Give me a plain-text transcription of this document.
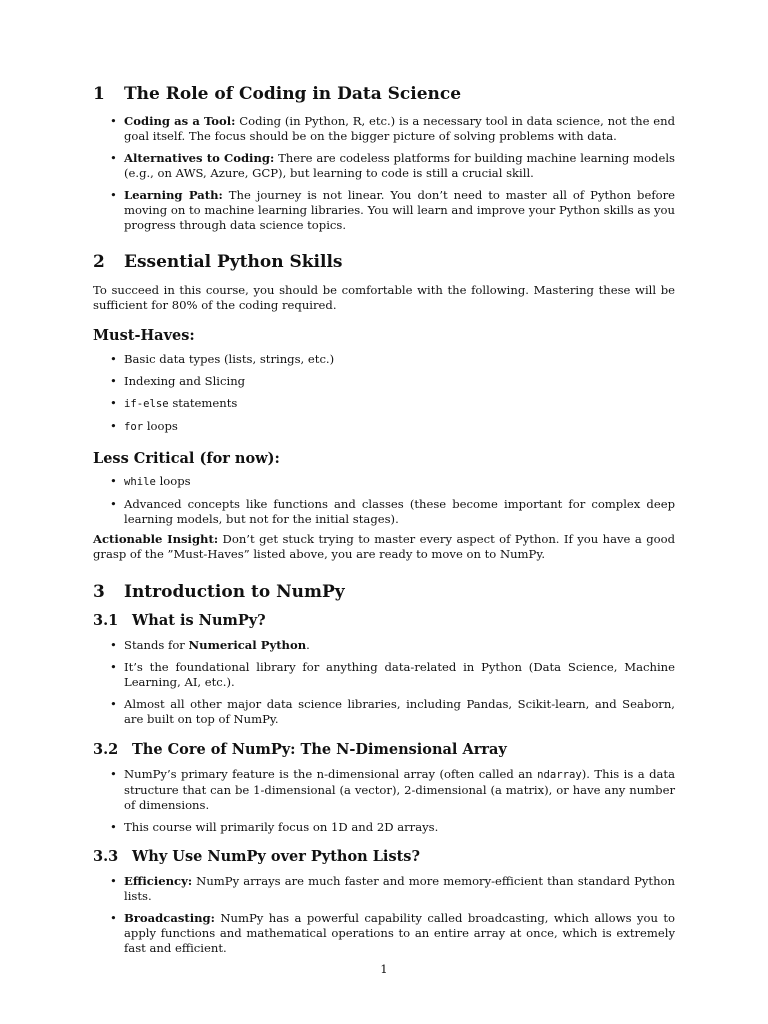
1	The Role of Coding in Data Science
• Coding as a Tool: Coding (in Python, R, etc.) is a necessary tool in data science, not the end goal itself. The focus should be on the bigger picture of solving problems with data.
• Alternatives to Coding: There are codeless platforms for building machine learning models (e.g., on AWS, Azure, GCP), but learning to code is still a crucial skill.
• Learning Path: The journey is not linear. You don’t need to master all of Python before moving on to machine learning libraries. You will learn and improve your Python skills as you progress through data science topics.
2	Essential Python Skills
To succeed in this course, you should be comfortable with the following. Mastering these will be sufficient for 80% of the coding required.
Must-Haves:
• Basic data types (lists, strings, etc.)
• Indexing and Slicing
• if-else statements
• for loops
Less Critical (for now):
• while loops
• Advanced concepts like functions and classes (these become important for complex deep learning models, but not for the initial stages).
Actionable Insight: Don’t get stuck trying to master every aspect of Python. If you have a good grasp of the ”Must-Haves” listed above, you are ready to move on to NumPy.
3	Introduction to NumPy
3.1 What is NumPy?
• Stands for Numerical Python.
• It’s the foundational library for anything data-related in Python (Data Science, Machine Learning, AI, etc.).
• Almost all other major data science libraries, including Pandas, Scikit-learn, and Seaborn, are built on top of NumPy.
3.2 The Core of NumPy: The N-Dimensional Array
• NumPy’s primary feature is the n-dimensional array (often called an ndarray). This is a data structure that can be 1-dimensional (a vector), 2-dimensional (a matrix), or have any number of dimensions.
• This course will primarily focus on 1D and 2D arrays.
3.3 Why Use NumPy over Python Lists?
• Efficiency: NumPy arrays are much faster and more memory-efficient than standard Python lists.
• Broadcasting: NumPy has a powerful capability called broadcasting, which allows you to apply functions and mathematical operations to an entire array at once, which is extremely fast and efficient.
1
